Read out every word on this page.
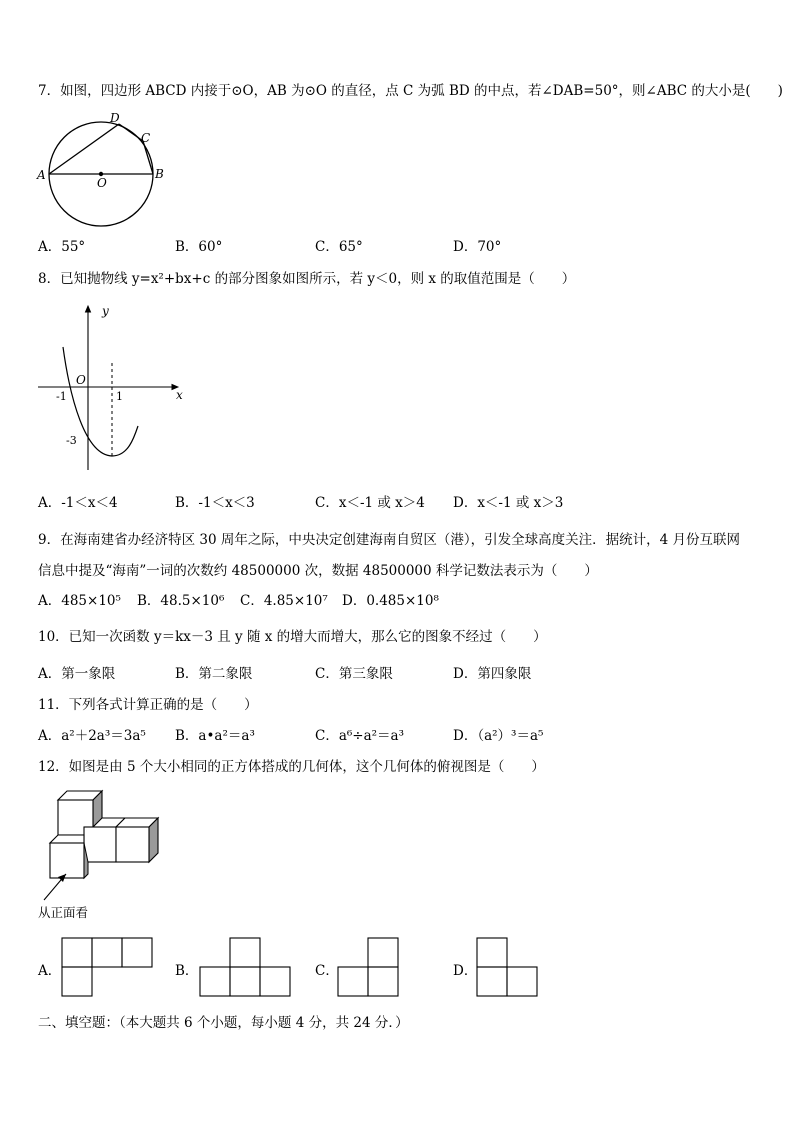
7．如图，四边形 ABCD 内接于⊙O，AB 为⊙O 的直径，点 C 为弧 BD 的中点，若∠DAB=50°，则∠ABC 的大小是(　　)
A	B
C
D
O
A．55°	B．60°	C．65°	D．70°
8．已知抛物线 y=x²+bx+c 的部分图象如图所示，若 y＜0，则 x 的取值范围是（　　）
y
x
O
-1	1
-3
A．-1＜x＜4	B．-1＜x＜3	C．x＜-1 或 x＞4 D．x＜-1 或 x＞3
9．在海南建省办经济特区 30 周年之际，中央决定创建海南自贸区（港），引发全球高度关注．据统计，4 月份互联网
信息中提及“海南”一词的次数约 48500000 次，数据 48500000 科学记数法表示为（　　）
A．485×10⁵ B．48.5×10⁶ C．4.85×10⁷ D．0.485×10⁸
10．已知一次函数 y＝kx－3 且 y 随 x 的增大而增大，那么它的图象不经过（　　）
A．第一象限	B．第二象限	C．第三象限	D．第四象限
11．下列各式计算正确的是（　　）
A．a²＋2a³＝3a⁵ B．a•a²＝a³	C．a⁶÷a²＝a³	D．（a²）³＝a⁵
12．如图是由 5 个大小相同的正方体搭成的几何体，这个几何体的俯视图是（　　）
从正面看
A．	B．	C．	D．
二、填空题：（本大题共 6 个小题，每小题 4 分，共 24 分．）
